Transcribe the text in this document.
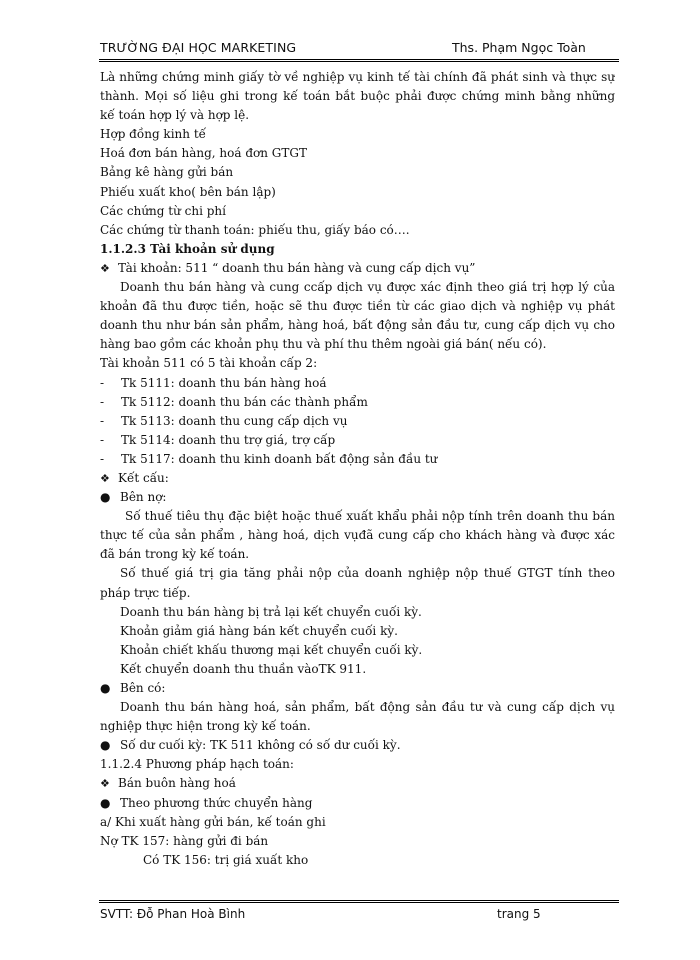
TRƯỜNG ĐẠI HỌC MARKETING	Ths. Phạm Ngọc Toàn
Là những chứng minh giấy tờ về nghiệp vụ kinh tế tài chính đã phát sinh và thực sự
thành. Mọi số liệu ghi trong kế toán bắt buộc phải được chứng minh bằng những
kế toán hợp lý và hợp lệ.
Hợp đồng kinh tế
Hoá đơn bán hàng, hoá đơn GTGT
Bảng kê hàng gửi bán
Phiếu xuất kho( bên bán lập)
Các chứng từ chi phí
Các chứng từ thanh toán: phiếu thu, giấy báo có….
1.1.2.3 Tài khoản sử dụng
❖ Tài khoản: 511 “ doanh thu bán hàng và cung cấp dịch vụ”
Doanh thu bán hàng và cung ccấp dịch vụ được xác định theo giá trị hợp lý của
khoản đã thu được tiền, hoặc sẽ thu được tiền từ các giao dịch và nghiệp vụ phát
doanh thu như bán sản phẩm, hàng hoá, bất động sản đầu tư, cung cấp dịch vụ cho
hàng bao gồm các khoản phụ thu và phí thu thêm ngoài giá bán( nếu có).
Tài khoản 511 có 5 tài khoản cấp 2:
- Tk 5111: doanh thu bán hàng hoá
- Tk 5112: doanh thu bán các thành phẩm
- Tk 5113: doanh thu cung cấp dịch vụ
- Tk 5114: doanh thu trợ giá, trợ cấp
- Tk 5117: doanh thu kinh doanh bất động sản đầu tư
❖ Kết cấu:
● Bên nợ:
Số thuế tiêu thụ đặc biệt hoặc thuế xuất khẩu phải nộp tính trên doanh thu bán
thực tế của sản phẩm , hàng hoá, dịch vụđã cung cấp cho khách hàng và được xác
đã bán trong kỳ kế toán.
Số thuế giá trị gia tăng phải nộp của doanh nghiệp nộp thuế GTGT tính theo
pháp trực tiếp.
Doanh thu bán hàng bị trả lại kết chuyển cuối kỳ.
Khoản giảm giá hàng bán kết chuyển cuối kỳ.
Khoản chiết khấu thương mại kết chuyển cuối kỳ.
Kết chuyển doanh thu thuần vàoTK 911.
● Bên có:
Doanh thu bán hàng hoá, sản phẩm, bất động sản đầu tư và cung cấp dịch vụ
nghiệp thực hiện trong kỳ kế toán.
● Số dư cuối kỳ: TK 511 không có số dư cuối kỳ.
1.1.2.4 Phương pháp hạch toán:
❖ Bán buôn hàng hoá
● Theo phương thức chuyển hàng
a/ Khi xuất hàng gửi bán, kế toán ghi
Nợ TK 157: hàng gửi đi bán
Có TK 156: trị giá xuất kho
SVTT: Đỗ Phan Hoà Bình	trang 5
